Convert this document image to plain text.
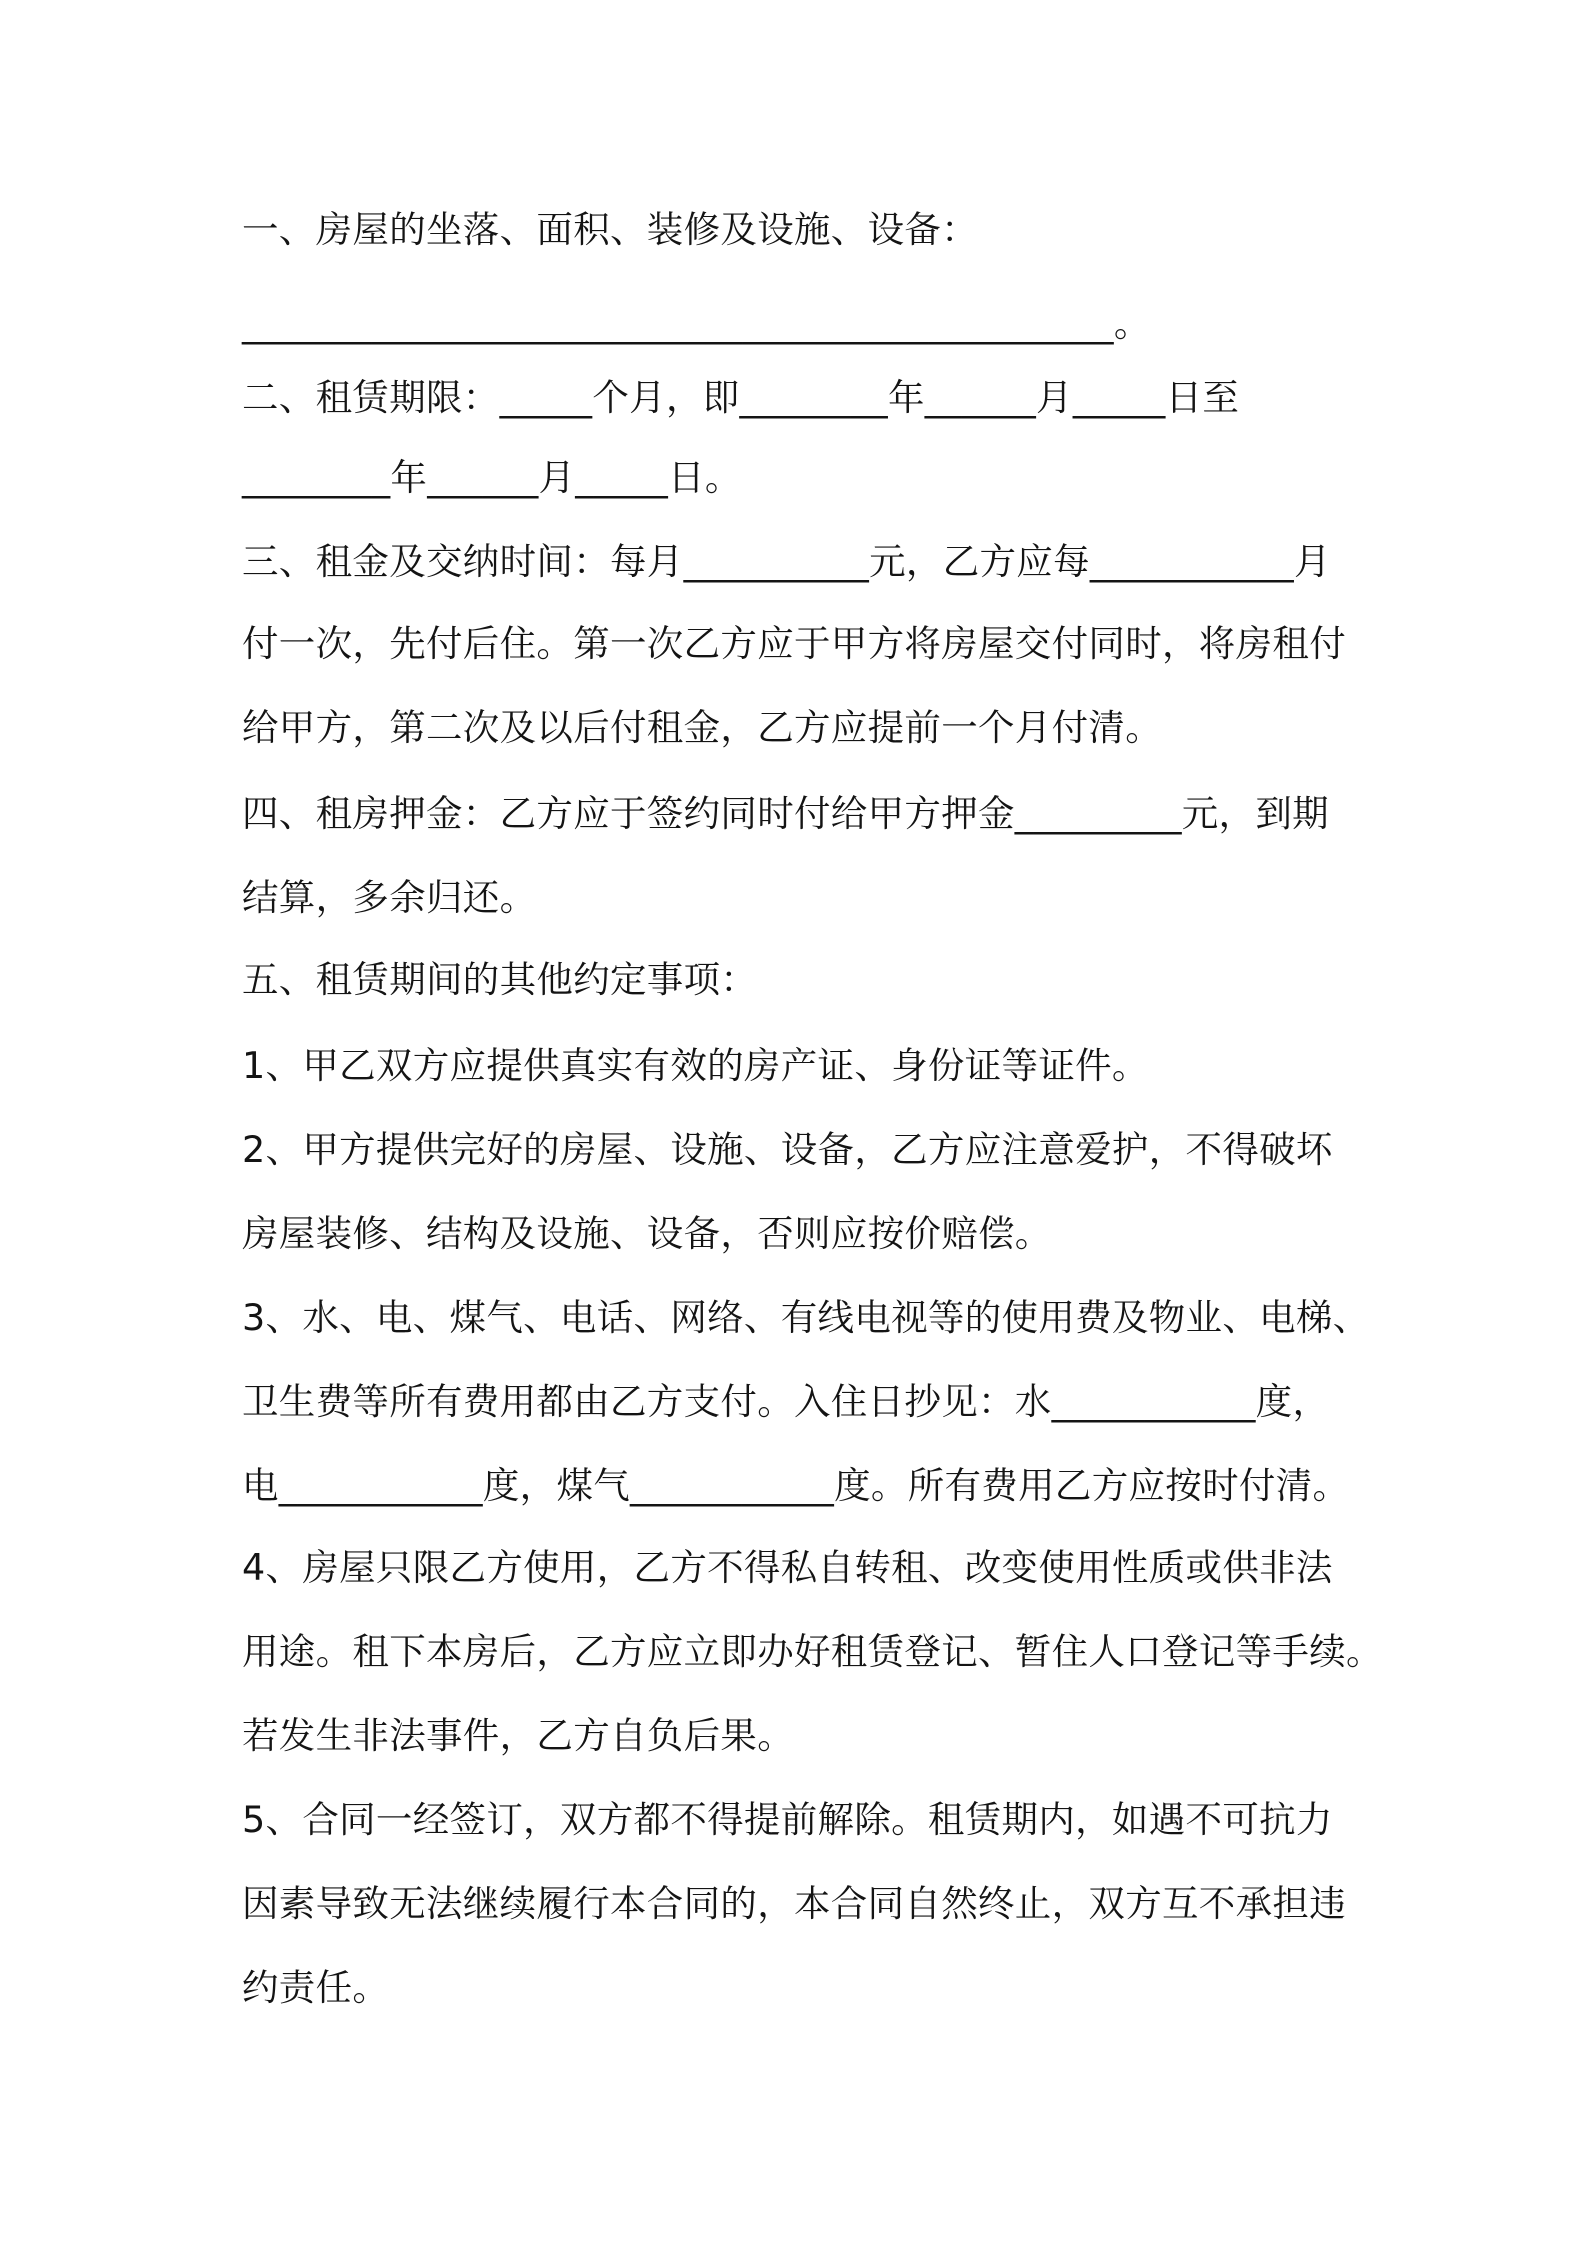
一、房屋的坐落、面积、装修及设施、设备：

_______________________________________________。

二、租赁期限：_____个月，即________年______月_____日至

________年______月_____日。

三、租金及交纳时间：每月__________元，乙方应每___________月

付一次，先付后住。第一次乙方应于甲方将房屋交付同时，将房租付

给甲方，第二次及以后付租金，乙方应提前一个月付清。

四、租房押金：乙方应于签约同时付给甲方押金_________元，到期

结算，多余归还。

五、租赁期间的其他约定事项：

1、甲乙双方应提供真实有效的房产证、身份证等证件。

2、甲方提供完好的房屋、设施、设备，乙方应注意爱护，不得破坏

房屋装修、结构及设施、设备，否则应按价赔偿。

3、水、电、煤气、电话、网络、有线电视等的使用费及物业、电梯、

卫生费等所有费用都由乙方支付。入住日抄见：水___________度，

电___________度，煤气___________度。所有费用乙方应按时付清。

4、房屋只限乙方使用，乙方不得私自转租、改变使用性质或供非法

用途。租下本房后，乙方应立即办好租赁登记、暂住人口登记等手续。

若发生非法事件，乙方自负后果。

5、合同一经签订，双方都不得提前解除。租赁期内，如遇不可抗力

因素导致无法继续履行本合同的，本合同自然终止，双方互不承担违

约责任。
